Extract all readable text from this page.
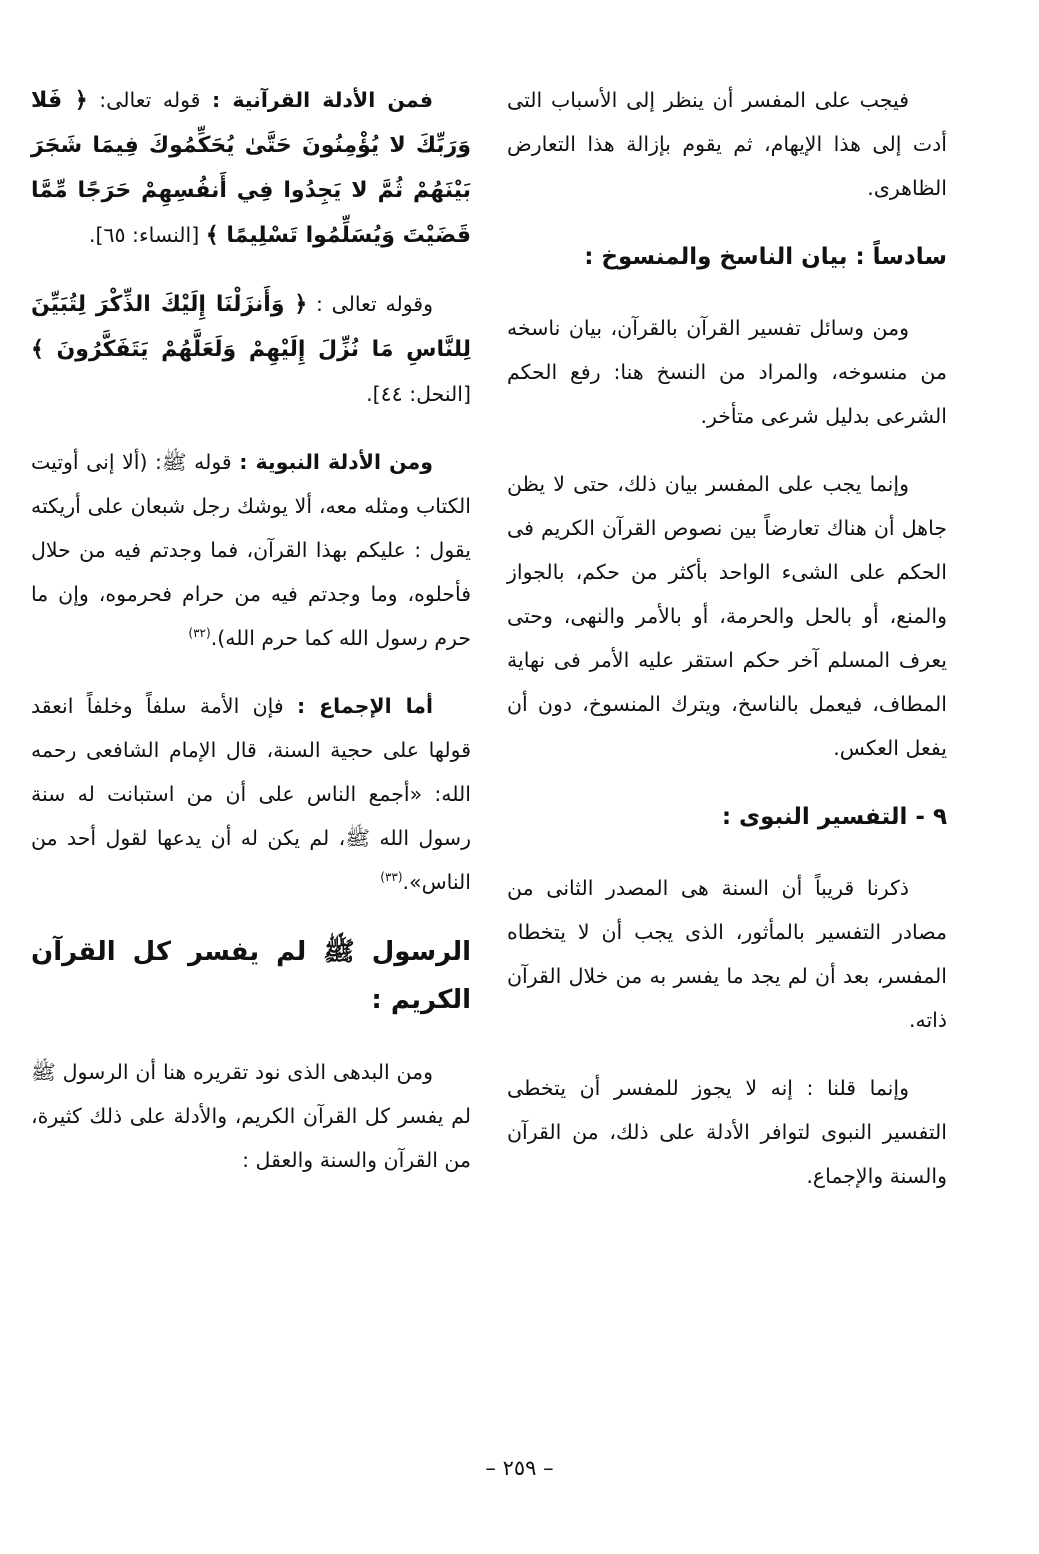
فيجب على المفسر أن ينظر إلى الأسباب التى أدت إلى هذا الإيهام، ثم يقوم بإزالة هذا التعارض الظاهرى.

سادساً : بيان الناسخ والمنسوخ :

ومن وسائل تفسير القرآن بالقرآن، بيان ناسخه من منسوخه، والمراد من النسخ هنا: رفع الحكم الشرعى بدليل شرعى متأخر.

وإنما يجب على المفسر بيان ذلك، حتى لا يظن جاهل أن هناك تعارضاً بين نصوص القرآن الكريم فى الحكم على الشىء الواحد بأكثر من حكم، بالجواز والمنع، أو بالحل والحرمة، أو بالأمر والنهى، وحتى يعرف المسلم آخر حكم استقر عليه الأمر فى نهاية المطاف، فيعمل بالناسخ، ويترك المنسوخ، دون أن يفعل العكس.

٩ - التفسير النبوى :

ذكرنا قريباً أن السنة هى المصدر الثانى من مصادر التفسير بالمأثور، الذى يجب أن لا يتخطاه المفسر، بعد أن لم يجد ما يفسر به من خلال القرآن ذاته.

وإنما قلنا : إنه لا يجوز للمفسر أن يتخطى التفسير النبوى لتوافر الأدلة على ذلك، من القرآن والسنة والإجماع.

فمن الأدلة القرآنية : قوله تعالى: ﴿ فَلا وَرَبِّكَ لا يُؤْمِنُونَ حَتَّىٰ يُحَكِّمُوكَ فِيمَا شَجَرَ بَيْنَهُمْ ثُمَّ لا يَجِدُوا فِي أَنفُسِهِمْ حَرَجًا مِّمَّا قَضَيْتَ وَيُسَلِّمُوا تَسْلِيمًا ﴾ [النساء: ٦٥].

وقوله تعالى : ﴿ وَأَنزَلْنَا إِلَيْكَ الذِّكْرَ لِتُبَيِّنَ لِلنَّاسِ مَا نُزِّلَ إِلَيْهِمْ وَلَعَلَّهُمْ يَتَفَكَّرُونَ ﴾ [النحل: ٤٤].

ومن الأدلة النبوية : قوله ﷺ: (ألا إنى أوتيت الكتاب ومثله معه، ألا يوشك رجل شبعان على أريكته يقول : عليكم بهذا القرآن، فما وجدتم فيه من حلال فأحلوه، وما وجدتم فيه من حرام فحرموه، وإن ما حرم رسول الله كما حرم الله).$^{(٣٢)}$

أما الإجماع : فإن الأمة سلفاً وخلفاً انعقد قولها على حجية السنة، قال الإمام الشافعى رحمه الله: «أجمع الناس على أن من استبانت له سنة رسول الله ﷺ، لم يكن له أن يدعها لقول أحد من الناس».$^{(٣٣)}$

الرسول ﷺ لم يفسر كل القرآن الكريم :

ومن البدهى الذى نود تقريره هنا أن الرسول ﷺ لم يفسر كل القرآن الكريم، والأدلة على ذلك كثيرة، من القرآن والسنة والعقل :

– ٢٥٩ –
